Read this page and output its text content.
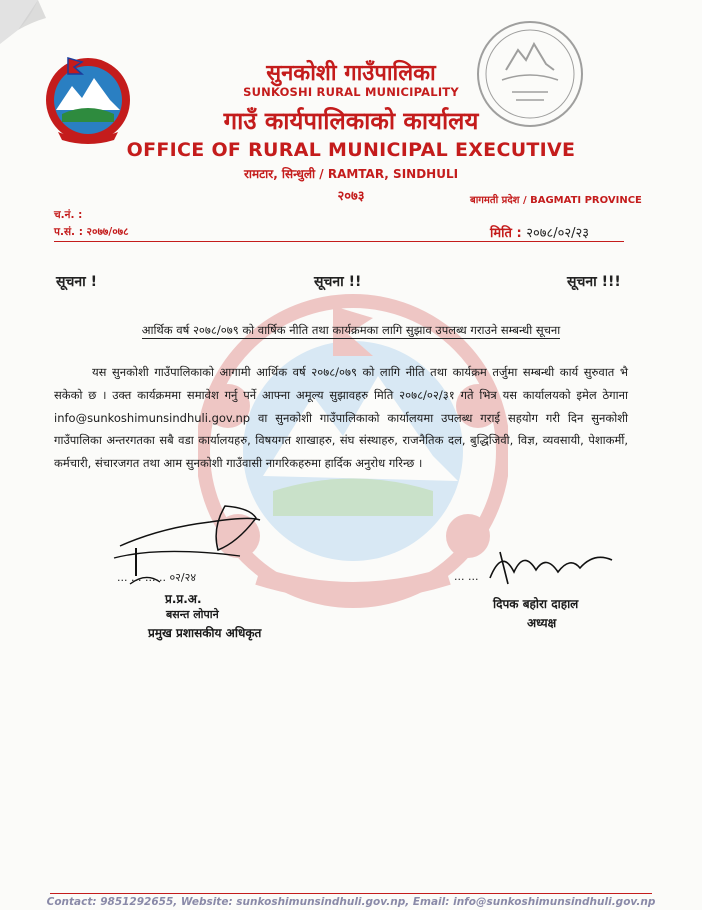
सुनकोशी गाउँपालिका
SUNKOSHI RURAL MUNICIPALITY
गाउँ कार्यपालिकाको कार्यालय
OFFICE OF RURAL MUNICIPAL EXECUTIVE
रामटार, सिन्धुली / RAMTAR, SINDHULI
२०७३	बागमती प्रदेश / BAGMATI PROVINCE
च.नं. :
प.सं. : २०७७/०७८	मिति : २०७८/०२/२३
सूचना !	सूचना !!	सूचना !!!
आर्थिक वर्ष २०७८/०७९ को वार्षिक नीति तथा कार्यक्रमका लागि सुझाव उपलब्ध गराउने सम्बन्धी सूचना
यस सुनकोशी गाउँपालिकाको आगामी आर्थिक वर्ष २०७८/०७९ को लागि नीति तथा कार्यक्रम तर्जुमा सम्बन्धी कार्य सुरुवात भै सकेको छ । उक्त कार्यक्रममा समावेश गर्नु पर्ने आफ्ना अमूल्य सुझावहरु मिति २०७८/०२/३१ गते भित्र यस कार्यालयको इमेल ठेगाना info@sunkoshimunsindhuli.gov.np वा सुनकोशी गाउँपालिकाको कार्यालयमा उपलब्ध गराई सहयोग गरी दिन सुनकोशी गाउँपालिका अन्तरगतका सबै वडा कार्यालयहरु, विषयगत शाखाहरु, संघ संस्थाहरु, राजनैतिक दल, बुद्धिजिवी, विज्ञ, व्यवसायी, पेशाकर्मी, कर्मचारी, संचारजगत तथा आम सुनकोशी गाउँवासी नागरिकहरुमा हार्दिक अनुरोध गरिन्छ ।
... ... ...... ०२/२४
प्र.प्र.अ.
बसन्त लोपाने
प्रमुख प्रशासकीय अधिकृत
... ...
दिपक बहोरा दाहाल
अध्यक्ष
Contact: 9851292655, Website: sunkoshimunsindhuli.gov.np, Email: info@sunkoshimunsindhuli.gov.np
